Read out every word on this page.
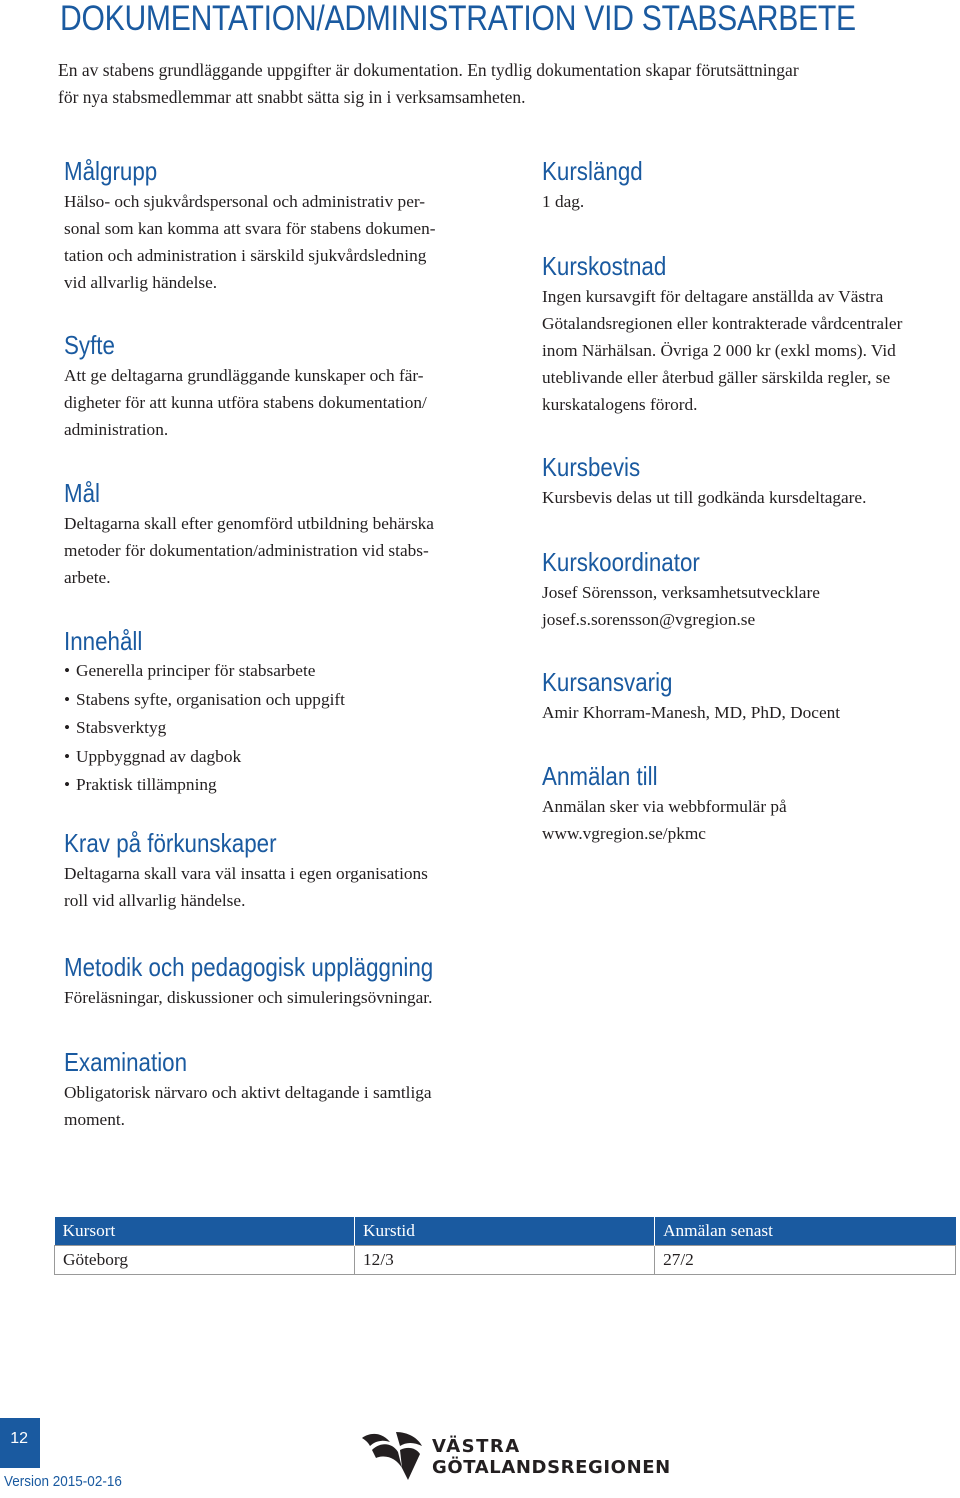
DOKUMENTATION/ADMINISTRATION VID STABSARBETE
En av stabens grundläggande uppgifter är dokumentation. En tydlig dokumentation skapar förutsättningar
för nya stabsmedlemmar att snabbt sätta sig in i verksamsamheten.
Målgrupp
Hälso- och sjukvårdspersonal och administrativ per-
sonal som kan komma att svara för stabens dokumen-
tation och administration i särskild sjukvårdsledning
vid allvarlig händelse.
Syfte
Att ge deltagarna grundläggande kunskaper och fär-
digheter för att kunna utföra stabens dokumentation/
administration.
Mål
Deltagarna skall efter genomförd utbildning behärska
metoder för dokumentation/administration vid stabs-
arbete.
Innehåll
• Generella principer för stabsarbete
• Stabens syfte, organisation och uppgift
• Stabsverktyg
• Uppbyggnad av dagbok
• Praktisk tillämpning
Krav på förkunskaper
Deltagarna skall vara väl insatta i egen organisations
roll vid allvarlig händelse.
Kurslängd
1 dag.
Kurskostnad
Ingen kursavgift för deltagare anställda av Västra
Götalandsregionen eller kontrakterade vårdcentraler
inom Närhälsan. Övriga 2 000 kr (exkl moms). Vid
uteblivande eller återbud gäller särskilda regler, se
kurskatalogens förord.
Kursbevis
Kursbevis delas ut till godkända kursdeltagare.
Kurskoordinator
Josef Sörensson, verksamhetsutvecklare
josef.s.sorensson@vgregion.se
Kursansvarig
Amir Khorram-Manesh, MD, PhD, Docent
Anmälan till
Anmälan sker via webbformulär på
www.vgregion.se/pkmc
Metodik och pedagogisk uppläggning
Föreläsningar, diskussioner och simuleringsövningar.
Examination
Obligatorisk närvaro och aktivt deltagande i samtliga
moment.
Kursort	Kurstid	Anmälan senast
Göteborg	12/3	27/2
12
Version 2015-02-16
VÄSTRA
GÖTALANDSREGIONEN
